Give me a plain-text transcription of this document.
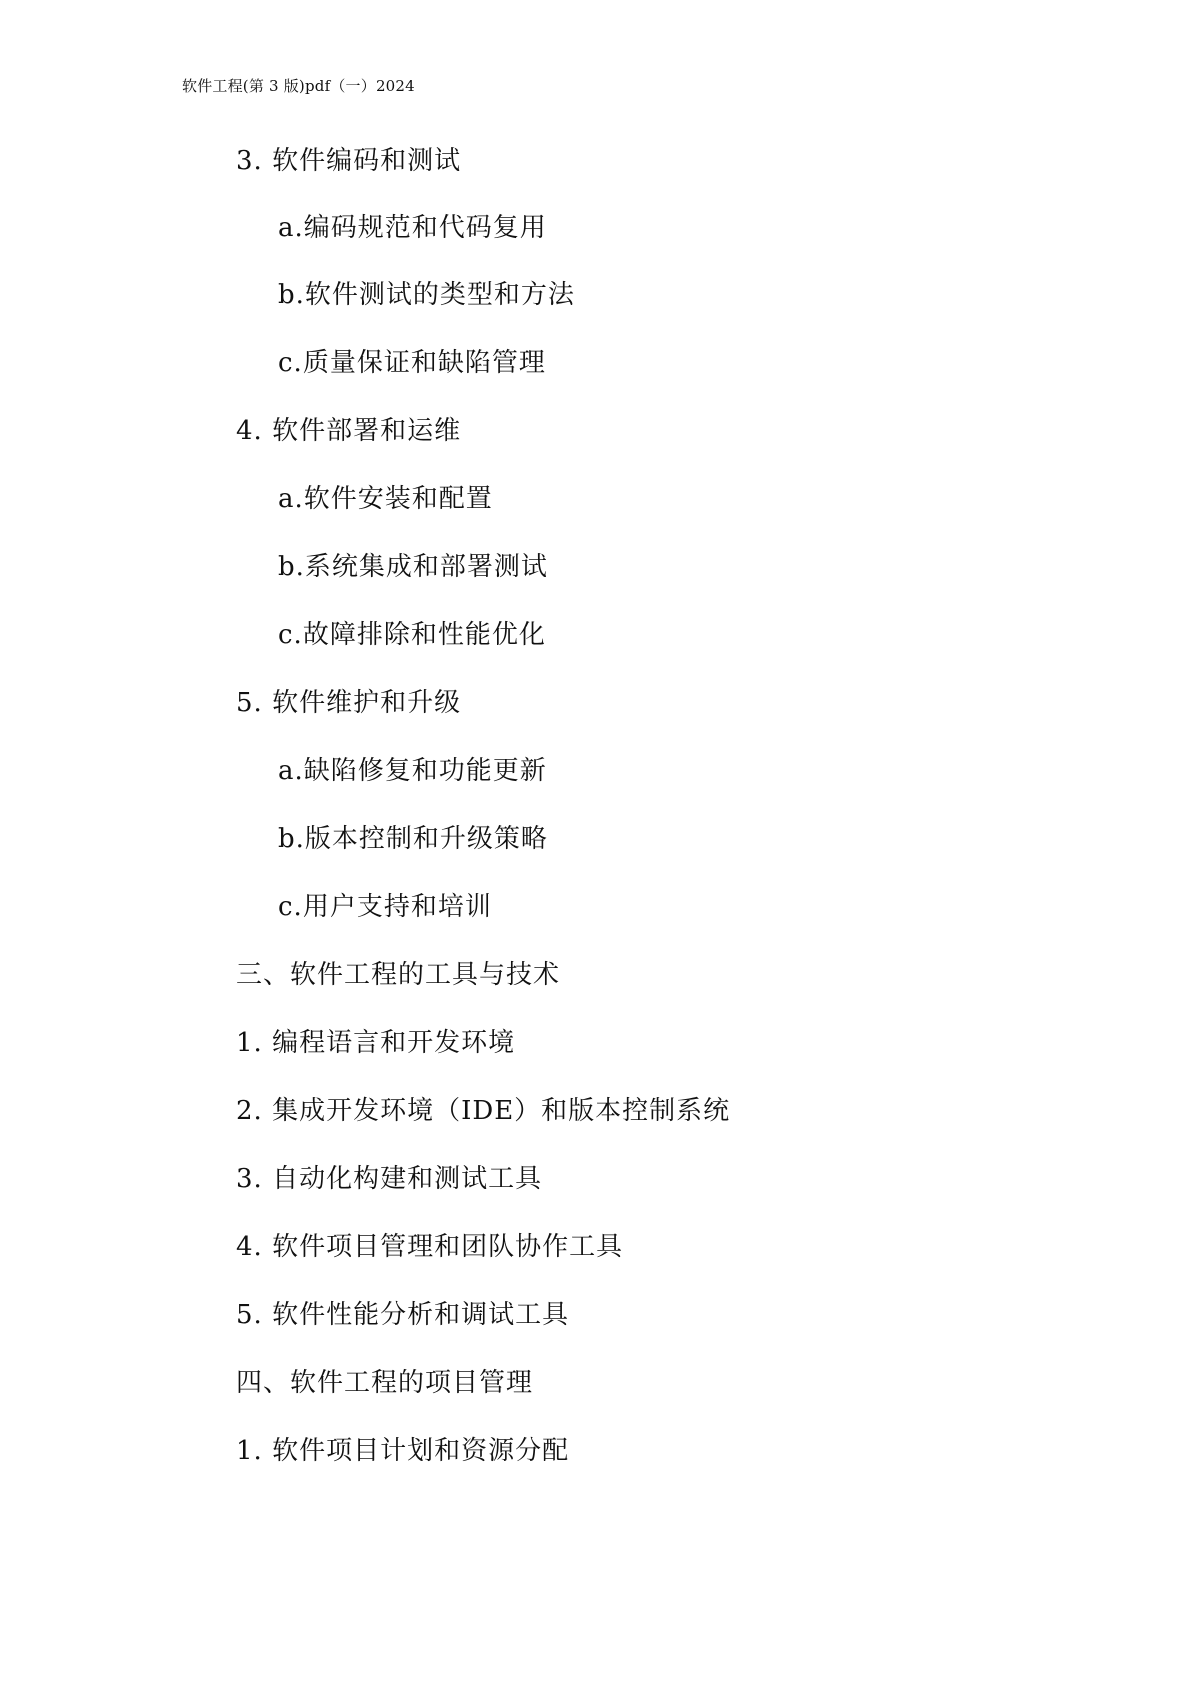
软件工程(第 3 版)pdf（一）2024
3. 软件编码和测试
a.编码规范和代码复用
b.软件测试的类型和方法
c.质量保证和缺陷管理
4. 软件部署和运维
a.软件安装和配置
b.系统集成和部署测试
c.故障排除和性能优化
5. 软件维护和升级
a.缺陷修复和功能更新
b.版本控制和升级策略
c.用户支持和培训
三、软件工程的工具与技术
1. 编程语言和开发环境
2. 集成开发环境（IDE）和版本控制系统
3. 自动化构建和测试工具
4. 软件项目管理和团队协作工具
5. 软件性能分析和调试工具
四、软件工程的项目管理
1. 软件项目计划和资源分配
